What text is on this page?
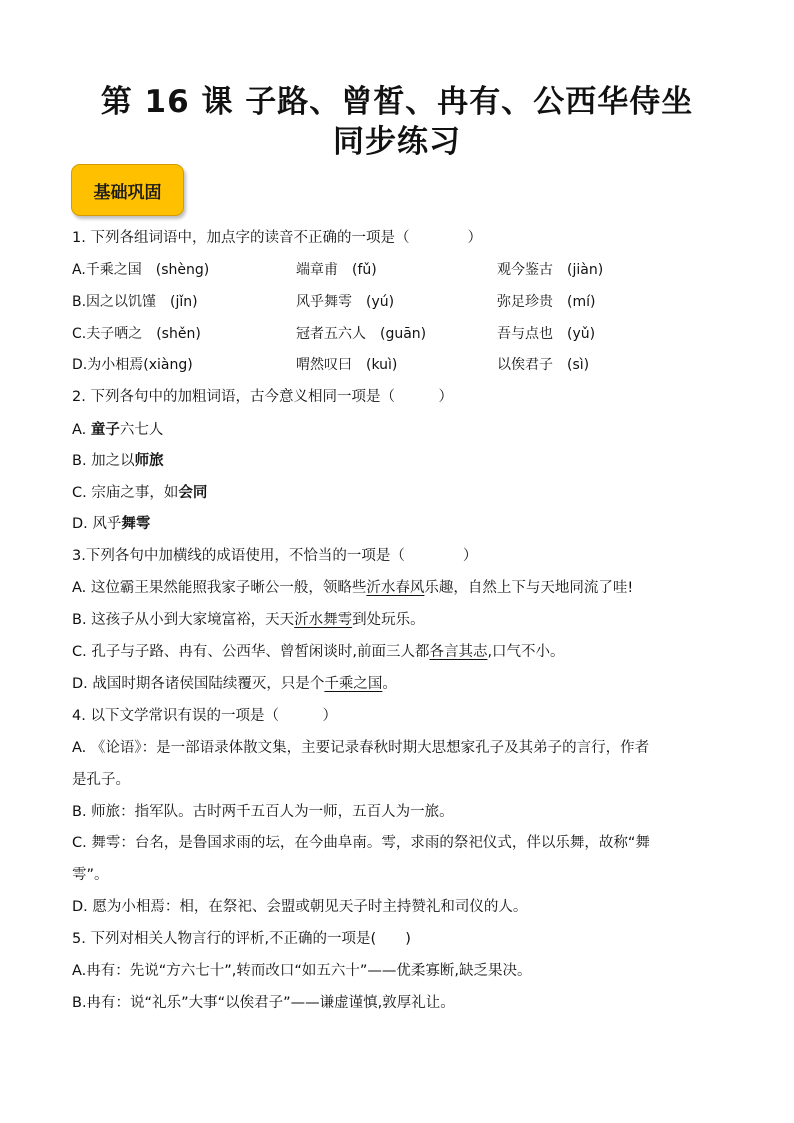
第 16 课 子路、曾皙、冉有、公西华侍坐
同步练习
基础巩固
1. 下列各组词语中，加点字的读音不正确的一项是（　　　　）
A.千乘之国　(shèng)	端章甫　(fǔ)	观今鉴古　(jiàn)
B.因之以饥馑　(jǐn)	风乎舞雩　(yú)	弥足珍贵　(mí)
C.夫子哂之　(shěn)	冠者五六人　(guān)	吾与点也　(yǔ)
D.为小相焉(xiàng)	喟然叹曰　(kuì)	以俟君子　(sì)
2. 下列各句中的加粗词语，古今意义相同一项是（　　　）
A. 童子六七人
B. 加之以师旅
C. 宗庙之事，如会同
D. 风乎舞雩
3.下列各句中加横线的成语使用，不恰当的一项是（　　　　）
A. 这位霸王果然能照我家子晰公一般，领略些沂水春风乐趣，自然上下与天地同流了哇!
B. 这孩子从小到大家境富裕，天天沂水舞雩到处玩乐。
C. 孔子与子路、冉有、公西华、曾皙闲谈时,前面三人都各言其志,口气不小。
D. 战国时期各诸侯国陆续覆灭，只是个千乘之国。
4. 以下文学常识有误的一项是（　　　）
A. 《论语》：是一部语录体散文集，主要记录春秋时期大思想家孔子及其弟子的言行，作者
是孔子。
B. 师旅：指军队。古时两千五百人为一师，五百人为一旅。
C. 舞雩：台名，是鲁国求雨的坛，在今曲阜南。雩，求雨的祭祀仪式，伴以乐舞，故称“舞
雩”。
D. 愿为小相焉：相，在祭祀、会盟或朝见天子时主持赞礼和司仪的人。
5. 下列对相关人物言行的评析,不正确的一项是(　　)
A.冉有：先说“方六七十”,转而改口“如五六十”——优柔寡断,缺乏果决。
B.冉有：说“礼乐”大事“以俟君子”——谦虚谨慎,敦厚礼让。
